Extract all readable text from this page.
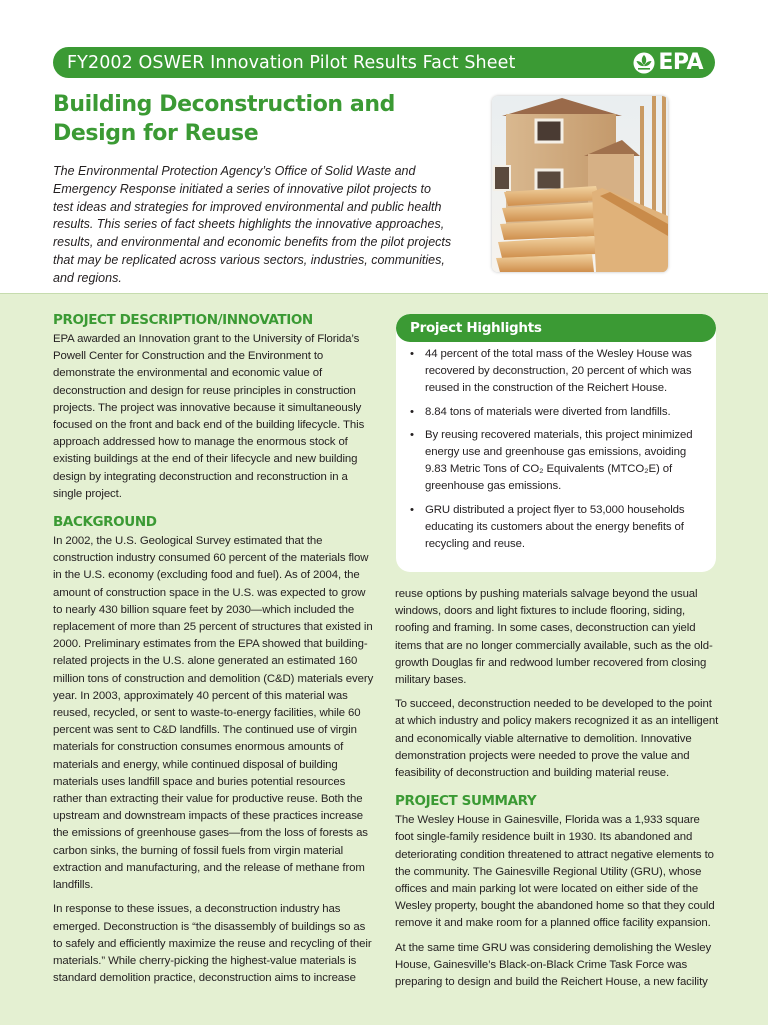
FY2002 OSWER Innovation Pilot Results Fact Sheet	EPA
Building Deconstruction and Design for Reuse

The Environmental Protection Agency’s Office of Solid Waste and Emergency Response initiated a series of innovative pilot projects to test ideas and strategies for improved environmental and public health results. This series of fact sheets highlights the innovative approaches, results, and environmental and economic benefits from the pilot projects that may be replicated across various sectors, industries, communities, and regions.

PROJECT DESCRIPTION/INNOVATION

EPA awarded an Innovation grant to the University of Florida’s Powell Center for Construction and the Environment to demonstrate the environmental and economic value of deconstruction and design for reuse principles in construction projects. The project was innovative because it simultaneously focused on the front and back end of the building lifecycle. This approach addressed how to manage the enormous stock of existing buildings at the end of their lifecycle and new building design by integrating deconstruction and reconstruction in a single project.

BACKGROUND

In 2002, the U.S. Geological Survey estimated that the construction industry consumed 60 percent of the materials flow in the U.S. economy (excluding food and fuel). As of 2004, the amount of construction space in the U.S. was expected to grow to nearly 430 billion square feet by 2030—which included the replacement of more than 25 percent of structures that existed in 2000. Preliminary estimates from the EPA showed that building-related projects in the U.S. alone generated an estimated 160 million tons of construction and demolition (C&D) materials every year. In 2003, approximately 40 percent of this material was reused, recycled, or sent to waste-to-energy facilities, while 60 percent was sent to C&D landfills. The continued use of virgin materials for construction consumes enormous amounts of materials and energy, while continued disposal of building materials uses landfill space and buries potential resources rather than extracting their value for productive reuse. Both the upstream and downstream impacts of these practices increase the emissions of greenhouse gases—from the loss of forests as carbon sinks, the burning of fossil fuels from virgin material extraction and manufacturing, and the release of methane from landfills.

In response to these issues, a deconstruction industry has emerged. Deconstruction is “the disassembly of buildings so as to safely and efficiently maximize the reuse and recycling of their materials.” While cherry-picking the highest-value materials is standard demolition practice, deconstruction aims to increase

Project Highlights
• 44 percent of the total mass of the Wesley House was recovered by deconstruction, 20 percent of which was reused in the construction of the Reichert House.
• 8.84 tons of materials were diverted from landfills.
• By reusing recovered materials, this project minimized energy use and greenhouse gas emissions, avoiding 9.83 Metric Tons of CO₂ Equivalents (MTCO₂E) of greenhouse gas emissions.
• GRU distributed a project flyer to 53,000 households educating its customers about the energy benefits of recycling and reuse.

reuse options by pushing materials salvage beyond the usual windows, doors and light fixtures to include flooring, siding, roofing and framing. In some cases, deconstruction can yield items that are no longer commercially available, such as the old-growth Douglas fir and redwood lumber recovered from closing military bases.

To succeed, deconstruction needed to be developed to the point at which industry and policy makers recognized it as an intelligent and economically viable alternative to demolition. Innovative demonstration projects were needed to prove the value and feasibility of deconstruction and building material reuse.

PROJECT SUMMARY

The Wesley House in Gainesville, Florida was a 1,933 square foot single-family residence built in 1930. Its abandoned and deteriorating condition threatened to attract negative elements to the community. The Gainesville Regional Utility (GRU), whose offices and main parking lot were located on either side of the Wesley property, bought the abandoned home so that they could remove it and make room for a planned office facility expansion.

At the same time GRU was considering demolishing the Wesley House, Gainesville’s Black-on-Black Crime Task Force was preparing to design and build the Reichert House, a new facility
